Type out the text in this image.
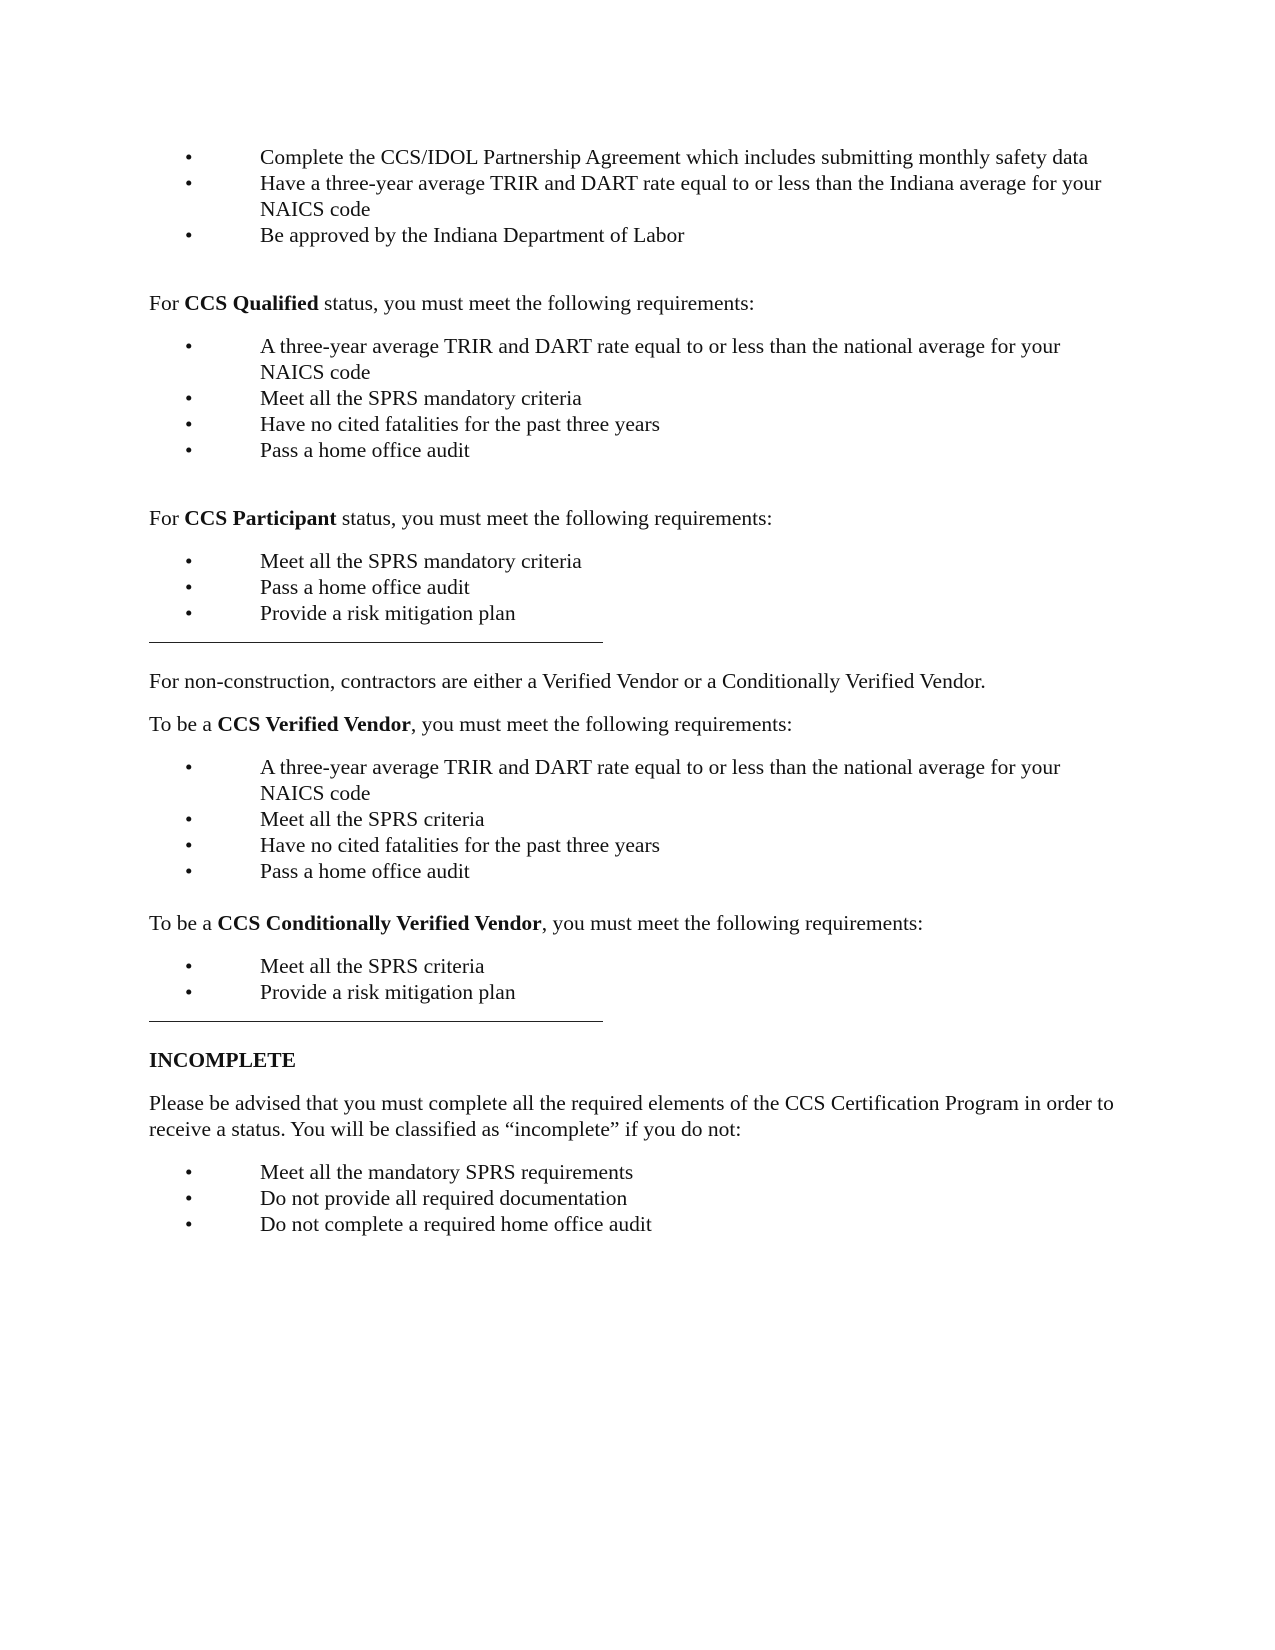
•	Complete the CCS/IDOL Partnership Agreement which includes submitting monthly safety data
•	Have a three-year average TRIR and DART rate equal to or less than the Indiana average for your NAICS code
•	Be approved by the Indiana Department of Labor

For CCS Qualified status, you must meet the following requirements:

•	A three-year average TRIR and DART rate equal to or less than the national average for your NAICS code
•	Meet all the SPRS mandatory criteria
•	Have no cited fatalities for the past three years
•	Pass a home office audit

For CCS Participant status, you must meet the following requirements:

•	Meet all the SPRS mandatory criteria
•	Pass a home office audit
•	Provide a risk mitigation plan

For non-construction, contractors are either a Verified Vendor or a Conditionally Verified Vendor.

To be a CCS Verified Vendor, you must meet the following requirements:

•	A three-year average TRIR and DART rate equal to or less than the national average for your NAICS code
•	Meet all the SPRS criteria
•	Have no cited fatalities for the past three years
•	Pass a home office audit

To be a CCS Conditionally Verified Vendor, you must meet the following requirements:

•	Meet all the SPRS criteria
•	Provide a risk mitigation plan

INCOMPLETE

Please be advised that you must complete all the required elements of the CCS Certification Program in order to receive a status. You will be classified as “incomplete” if you do not:

•	Meet all the mandatory SPRS requirements
•	Do not provide all required documentation
•	Do not complete a required home office audit
